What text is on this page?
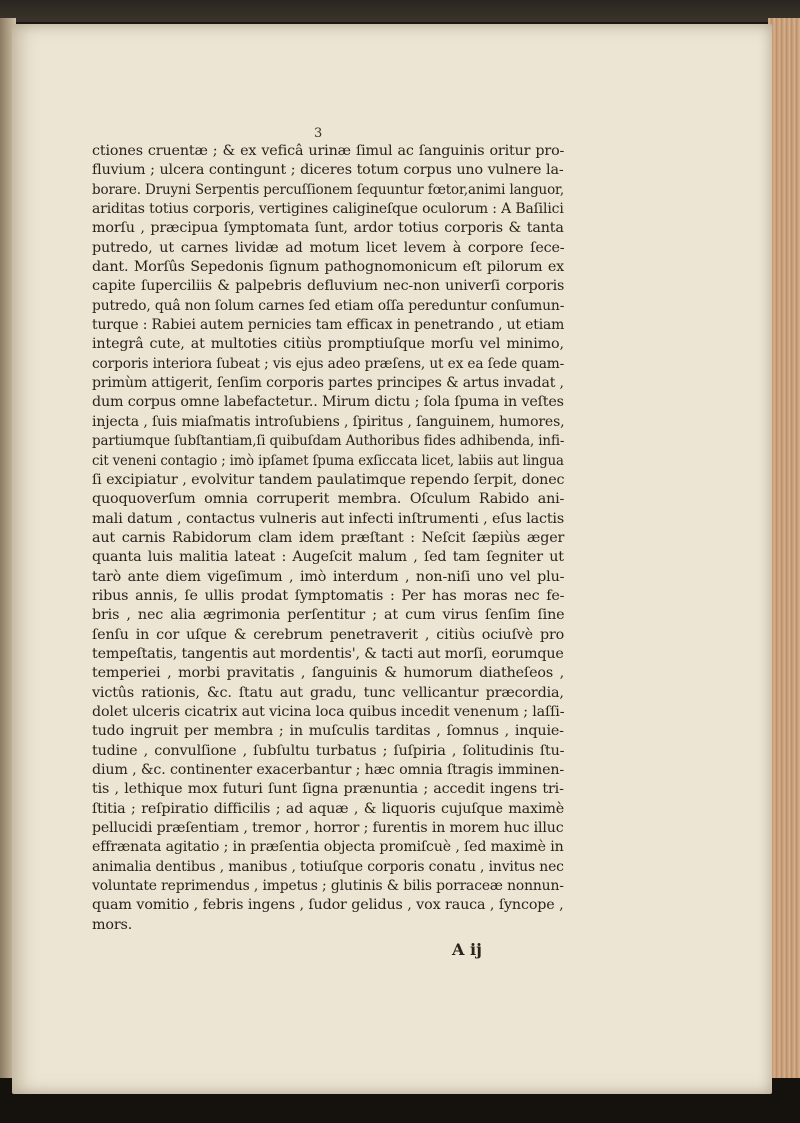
3
ctiones cruentæ ; & ex veficâ urinæ ſimul ac ſanguinis oritur pro-
fluvium ; ulcera contingunt ; diceres totum corpus uno vulnere la-
borare. Druyni Serpentis percuſſionem ſequuntur fœtor,animi languor,
ariditas totius corporis, vertigines caligineſque oculorum : A Baſilici
morſu , præcipua ſymptomata ſunt, ardor totius corporis & tanta
putredo, ut carnes lividæ ad motum licet levem à corpore ſece-
dant. Morſûs Sepedonis ſignum pathognomonicum eſt pilorum ex
capite ſuperciliis & palpebris defluvium nec-non univerſi corporis
putredo, quâ non ſolum carnes ſed etiam oſſa pereduntur conſumun-
turque : Rabiei autem pernicies tam efficax in penetrando , ut etiam
integrâ cute, at multoties citiùs promptiuſque morſu vel minimo,
corporis interiora ſubeat ; vis ejus adeo præſens, ut ex ea ſede quam-
primùm attigerit, ſenſim corporis partes principes & artus invadat ,
dum corpus omne labefactetur.. Mirum dictu ; ſola ſpuma in veſtes
injecta , ſuis miaſmatis introſubiens , ſpiritus , ſanguinem, humores,
partiumque ſubſtantiam,ſi quibuſdam Authoribus fides adhibenda, infi-
cit veneni contagio ; imò ipſamet ſpuma exſiccata licet, labiis aut lingua
ſi excipiatur , evolvitur tandem paulatimque rependo ſerpit, donec
quoquoverſum omnia corruperit membra. Oſculum Rabido ani-
mali datum , contactus vulneris aut infecti inſtrumenti , eſus lactis
aut carnis Rabidorum clam idem præſtant : Neſcit ſæpiùs æger
quanta luis malitia lateat : Augeſcit malum , ſed tam ſegniter ut
tarò ante diem vigeſimum , imò interdum , non-niſi uno vel plu-
ribus annis, ſe ullis prodat ſymptomatis : Per has moras nec fe-
bris , nec alia ægrimonia perſentitur ; at cum virus ſenſim ſine
ſenſu in cor uſque & cerebrum penetraverit , citiùs ociuſvè pro
tempeſtatis, tangentis aut mordentis', & tacti aut morſi, eorumque
temperiei , morbi pravitatis , ſanguinis & humorum diatheſeos ,
victûs rationis, &c. ſtatu aut gradu, tunc vellicantur præcordia,
dolet ulceris cicatrix aut vicina loca quibus incedit venenum ; laſſi-
tudo ingruit per membra ; in muſculis tarditas , ſomnus , inquie-
tudine , convulſione , ſubſultu turbatus ; ſuſpiria , ſolitudinis ſtu-
dium , &c. continenter exacerbantur ; hæc omnia ſtragis imminen-
tis , lethique mox futuri ſunt ſigna prænuntia ; accedit ingens tri-
ſtitia ; reſpiratio difficilis ; ad aquæ , & liquoris cujuſque maximè
pellucidi præſentiam , tremor , horror ; furentis in morem huc illuc
effrænata agitatio ; in præſentia objecta promiſcuè , ſed maximè in
animalia dentibus , manibus , totiuſque corporis conatu , invitus nec
voluntate reprimendus , impetus ; glutinis & bilis porraceæ nonnun-
quam vomitio , febris ingens , ſudor gelidus , vox rauca , ſyncope ,
mors.
A ij
